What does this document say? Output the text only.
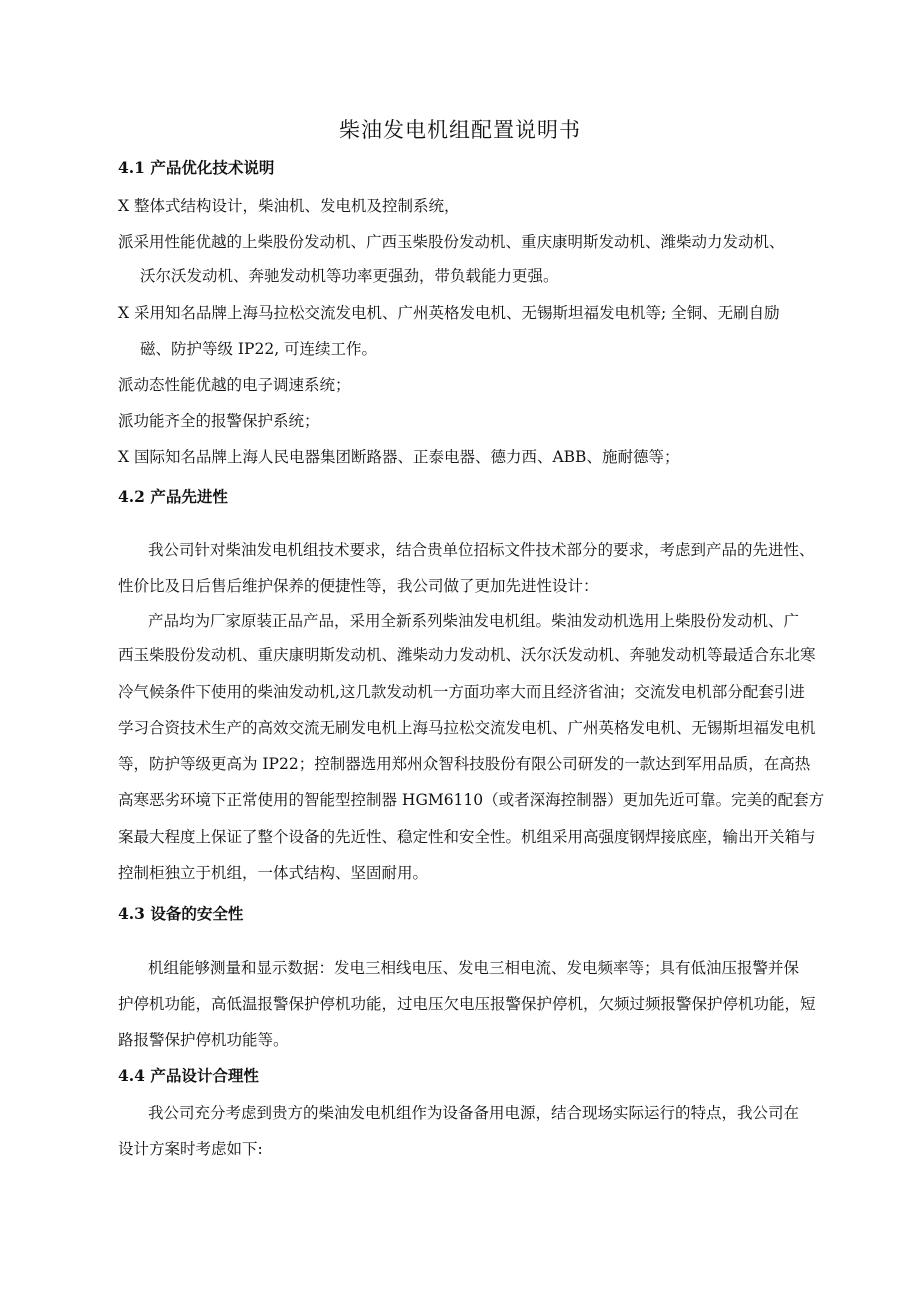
柴油发电机组配置说明书
4.1 产品优化技术说明
X 整体式结构设计，柴油机、发电机及控制系统，
派采用性能优越的上柴股份发动机、广西玉柴股份发动机、重庆康明斯发动机、潍柴动力发动机、
沃尔沃发动机、奔驰发动机等功率更强劲，带负载能力更强。
X 采用知名品牌上海马拉松交流发电机、广州英格发电机、无锡斯坦福发电机等; 全铜、无刷自励
磁、防护等级 IP22, 可连续工作。
派动态性能优越的电子调速系统；
派功能齐全的报警保护系统；
X 国际知名品牌上海人民电器集团断路器、正泰电器、德力西、ABB、施耐德等；
4.2 产品先进性
我公司针对柴油发电机组技术要求，结合贵单位招标文件技术部分的要求，考虑到产品的先进性、
性价比及日后售后维护保养的便捷性等，我公司做了更加先进性设计：
产品均为厂家原装正品产品，采用全新系列柴油发电机组。柴油发动机选用上柴股份发动机、广
西玉柴股份发动机、重庆康明斯发动机、潍柴动力发动机、沃尔沃发动机、奔驰发动机等最适合东北寒
冷气候条件下使用的柴油发动机,这几款发动机一方面功率大而且经济省油；交流发电机部分配套引进
学习合资技术生产的高效交流无刷发电机上海马拉松交流发电机、广州英格发电机、无锡斯坦福发电机
等，防护等级更高为 IP22；控制器选用郑州众智科技股份有限公司研发的一款达到军用品质，在高热
高寒恶劣环境下正常使用的智能型控制器 HGM6110（或者深海控制器）更加先近可靠。完美的配套方
案最大程度上保证了整个设备的先近性、稳定性和安全性。机组采用高强度钢焊接底座，输出开关箱与
控制柜独立于机组，一体式结构、坚固耐用。
4.3 设备的安全性
机组能够测量和显示数据：发电三相线电压、发电三相电流、发电频率等；具有低油压报警并保
护停机功能，高低温报警保护停机功能，过电压欠电压报警保护停机，欠频过频报警保护停机功能，短
路报警保护停机功能等。
4.4 产品设计合理性
我公司充分考虑到贵方的柴油发电机组作为设备备用电源，结合现场实际运行的特点，我公司在
设计方案时考虑如下:
